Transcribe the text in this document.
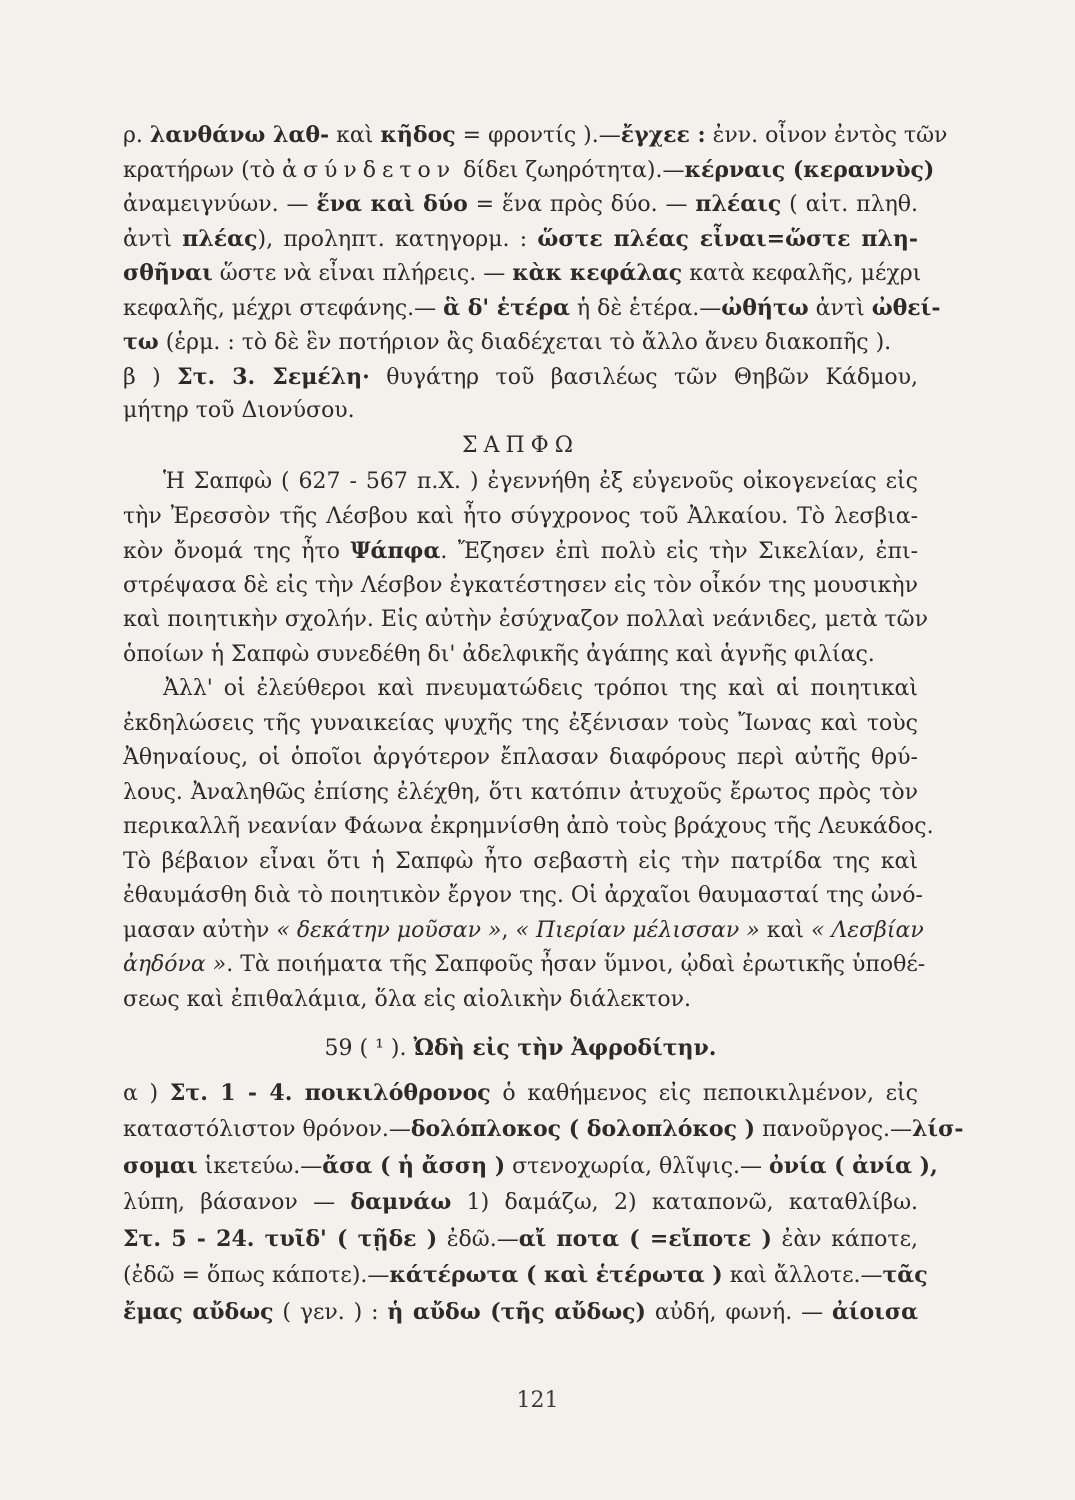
ρ. λανθάνω λαθ- καὶ κῆδος = φροντίς ).—ἔγχεε : ἐνν. οἶνον ἐντὸς τῶν
κρατήρων (τὸ ἀσύνδετον δίδει ζωηρότητα).—κέρναις (κεραννὺς)
ἀναμειγνύων. — ἕνα καὶ δύο = ἕνα πρὸς δύο. — πλέαις ( αἰτ. πληθ.
ἀντὶ πλέας), προληπτ. κατηγορμ. : ὥστε πλέας εἶναι=ὥστε πλη-
σθῆναι ὥστε νὰ εἶναι πλήρεις. — κὰκ κεφάλας κατὰ κεφαλῆς, μέχρι
κεφαλῆς, μέχρι στεφάνης.— ἃ δ' ἑτέρα ἡ δὲ ἑτέρα.—ὠθήτω ἀντὶ ὠθεί-
τω (ἑρμ. : τὸ δὲ ἓν ποτήριον ἂς διαδέχεται τὸ ἄλλο ἄνευ διακοπῆς ).
β ) Στ. 3. Σεμέλη· θυγάτηρ τοῦ βασιλέως τῶν Θηβῶν Κάδμου,
μήτηρ τοῦ Διονύσου.
ΣΑΠΦΩ
Ἡ Σαπφὼ ( 627 - 567 π.Χ. ) ἐγεννήθη ἐξ εὐγενοῦς οἰκογενείας εἰς
τὴν Ἐρεσσὸν τῆς Λέσβου καὶ ἦτο σύγχρονος τοῦ Ἀλκαίου. Τὸ λεσβια-
κὸν ὄνομά της ἦτο Ψάπφα. Ἔζησεν ἐπὶ πολὺ εἰς τὴν Σικελίαν, ἐπι-
στρέψασα δὲ εἰς τὴν Λέσβον ἐγκατέστησεν εἰς τὸν οἶκόν της μουσικὴν
καὶ ποιητικὴν σχολήν. Εἰς αὐτὴν ἐσύχναζον πολλαὶ νεάνιδες, μετὰ τῶν
ὁποίων ἡ Σαπφὼ συνεδέθη δι' ἀδελφικῆς ἀγάπης καὶ ἁγνῆς φιλίας.
Ἀλλ' οἱ ἐλεύθεροι καὶ πνευματώδεις τρόποι της καὶ αἱ ποιητικαὶ
ἐκδηλώσεις τῆς γυναικείας ψυχῆς της ἐξένισαν τοὺς Ἴωνας καὶ τοὺς
Ἀθηναίους, οἱ ὁποῖοι ἀργότερον ἔπλασαν διαφόρους περὶ αὐτῆς θρύ-
λους. Ἀναληθῶς ἐπίσης ἐλέχθη, ὅτι κατόπιν ἀτυχοῦς ἔρωτος πρὸς τὸν
περικαλλῆ νεανίαν Φάωνα ἐκρημνίσθη ἀπὸ τοὺς βράχους τῆς Λευκάδος.
Τὸ βέβαιον εἶναι ὅτι ἡ Σαπφὼ ἦτο σεβαστὴ εἰς τὴν πατρίδα της καὶ
ἐθαυμάσθη διὰ τὸ ποιητικὸν ἔργον της. Οἱ ἀρχαῖοι θαυμασταί της ὠνό-
μασαν αὐτὴν « δεκάτην μοῦσαν », « Πιερίαν μέλισσαν » καὶ « Λεσβίαν
ἀηδόνα ». Τὰ ποιήματα τῆς Σαπφοῦς ἦσαν ὕμνοι, ᾠδαὶ ἐρωτικῆς ὑποθέ-
σεως καὶ ἐπιθαλάμια, ὅλα εἰς αἰολικὴν διάλεκτον.
59 ( ¹ ). Ὠδὴ εἰς τὴν Ἀφροδίτην.
α ) Στ. 1 - 4. ποικιλόθρονος ὁ καθήμενος εἰς πεποικιλμένον, εἰς
καταστόλιστον θρόνον.—δολόπλοκος ( δολοπλόκος ) πανοῦργος.—λίσ-
σομαι ἱκετεύω.—ἄσα ( ἡ ἄσση ) στενοχωρία, θλῖψις.— ὀνία ( ἀνία ),
λύπη, βάσανον — δαμνάω 1) δαμάζω, 2) καταπονῶ, καταθλίβω.
Στ. 5 - 24. τυῖδ' ( τῇδε ) ἐδῶ.—αἴ ποτα ( =εἴποτε ) ἐὰν κάποτε,
(ἐδῶ = ὅπως κάποτε).—κάτέρωτα ( καὶ ἑτέρωτα ) καὶ ἄλλοτε.—τᾶς
ἔμας αὔδως ( γεν. ) : ἡ αὔδω (τῆς αὔδως) αὐδή, φωνή. — ἀίοισα
121
